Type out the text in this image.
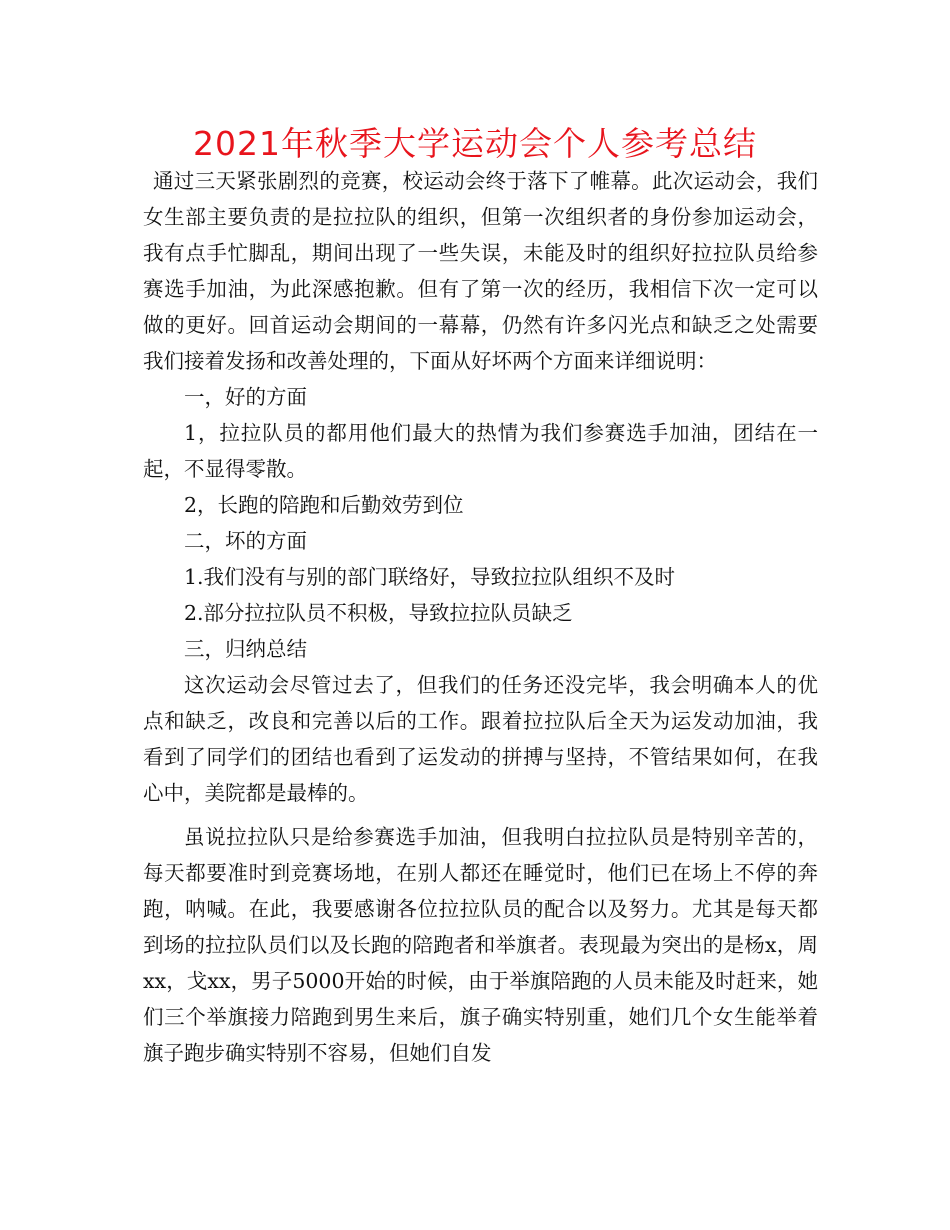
2021年秋季大学运动会个人参考总结

通过三天紧张剧烈的竞赛，校运动会终于落下了帷幕。此次运动会，我们女生部主要负责的是拉拉队的组织，但第一次组织者的身份参加运动会，我有点手忙脚乱，期间出现了一些失误，未能及时的组织好拉拉队员给参赛选手加油，为此深感抱歉。但有了第一次的经历，我相信下次一定可以做的更好。回首运动会期间的一幕幕，仍然有许多闪光点和缺乏之处需要我们接着发扬和改善处理的，下面从好坏两个方面来详细说明：

一，好的方面

1，拉拉队员的都用他们最大的热情为我们参赛选手加油，团结在一起，不显得零散。

2，长跑的陪跑和后勤效劳到位

二，坏的方面

1.我们没有与别的部门联络好，导致拉拉队组织不及时

2.部分拉拉队员不积极，导致拉拉队员缺乏

三，归纳总结

这次运动会尽管过去了，但我们的任务还没完毕，我会明确本人的优点和缺乏，改良和完善以后的工作。跟着拉拉队后全天为运发动加油，我看到了同学们的团结也看到了运发动的拼搏与坚持，不管结果如何，在我心中，美院都是最棒的。

虽说拉拉队只是给参赛选手加油，但我明白拉拉队员是特别辛苦的，每天都要准时到竞赛场地，在别人都还在睡觉时，他们已在场上不停的奔跑，呐喊。在此，我要感谢各位拉拉队员的配合以及努力。尤其是每天都到场的拉拉队员们以及长跑的陪跑者和举旗者。表现最为突出的是杨x，周xx，戈xx，男子5000开始的时候，由于举旗陪跑的人员未能及时赶来，她们三个举旗接力陪跑到男生来后，旗子确实特别重，她们几个女生能举着旗子跑步确实特别不容易，但她们自发
